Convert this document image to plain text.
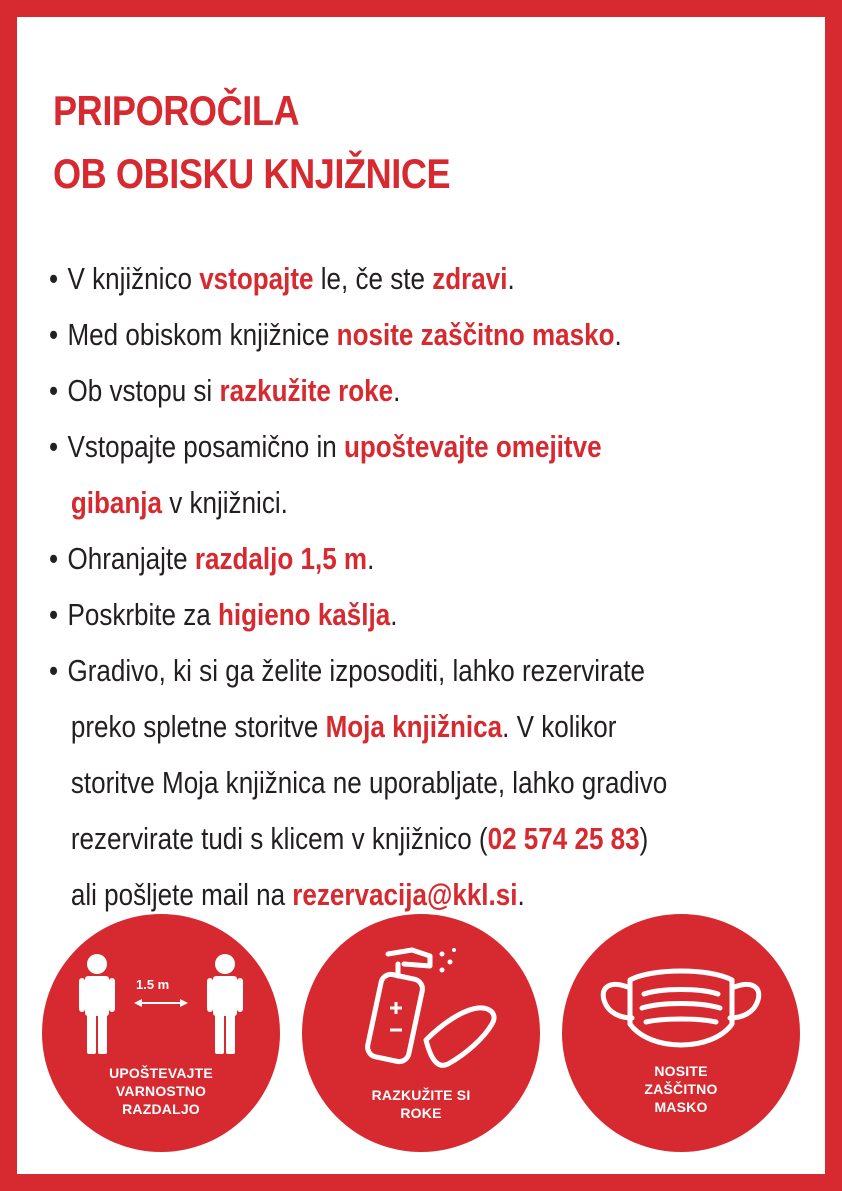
PRIPOROČILA
OB OBISKU KNJIŽNICE
• V knjižnico vstopajte le, če ste zdravi.
• Med obiskom knjižnice nosite zaščitno masko.
• Ob vstopu si razkužite roke.
• Vstopajte posamično in upoštevajte omejitve
gibanja v knjižnici.
• Ohranjajte razdaljo 1,5 m.
• Poskrbite za higieno kašlja.
• Gradivo, ki si ga želite izposoditi, lahko rezervirate
preko spletne storitve Moja knjižnica. V kolikor
storitve Moja knjižnica ne uporabljate, lahko gradivo
rezervirate tudi s klicem v knjižnico (02 574 25 83)
ali pošljete mail na rezervacija@kkl.si.
1.5 m
UPOŠTEVAJTE
VARNOSTNO
RAZDALJO
RAZKUŽITE SI
ROKE
NOSITE
ZAŠČITNO
MASKO
